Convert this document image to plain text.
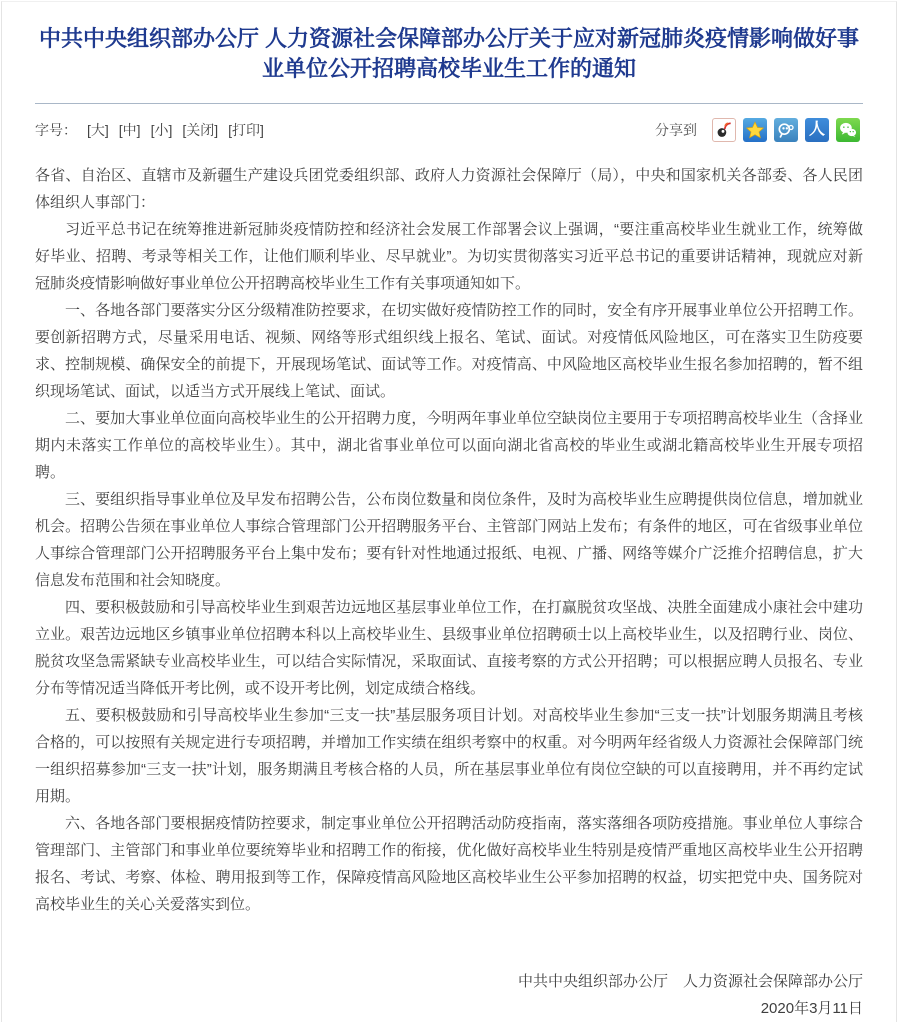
中共中央组织部办公厅 人力资源社会保障部办公厅关于应对新冠肺炎疫情影响做好事业单位公开招聘高校毕业生工作的通知
字号： [大] [中] [小] [关闭] [打印]	分享到	人

各省、自治区、直辖市及新疆生产建设兵团党委组织部、政府人力资源社会保障厅（局），中央和国家机关各部委、各人民团体组织人事部门：

习近平总书记在统筹推进新冠肺炎疫情防控和经济社会发展工作部署会议上强调，“要注重高校毕业生就业工作，统筹做好毕业、招聘、考录等相关工作，让他们顺利毕业、尽早就业”。为切实贯彻落实习近平总书记的重要讲话精神，现就应对新冠肺炎疫情影响做好事业单位公开招聘高校毕业生工作有关事项通知如下。

一、各地各部门要落实分区分级精准防控要求，在切实做好疫情防控工作的同时，安全有序开展事业单位公开招聘工作。要创新招聘方式，尽量采用电话、视频、网络等形式组织线上报名、笔试、面试。对疫情低风险地区，可在落实卫生防疫要求、控制规模、确保安全的前提下，开展现场笔试、面试等工作。对疫情高、中风险地区高校毕业生报名参加招聘的，暂不组织现场笔试、面试，以适当方式开展线上笔试、面试。

二、要加大事业单位面向高校毕业生的公开招聘力度，今明两年事业单位空缺岗位主要用于专项招聘高校毕业生（含择业期内未落实工作单位的高校毕业生）。其中，湖北省事业单位可以面向湖北省高校的毕业生或湖北籍高校毕业生开展专项招聘。

三、要组织指导事业单位及早发布招聘公告，公布岗位数量和岗位条件，及时为高校毕业生应聘提供岗位信息，增加就业机会。招聘公告须在事业单位人事综合管理部门公开招聘服务平台、主管部门网站上发布；有条件的地区，可在省级事业单位人事综合管理部门公开招聘服务平台上集中发布；要有针对性地通过报纸、电视、广播、网络等媒介广泛推介招聘信息，扩大信息发布范围和社会知晓度。

四、要积极鼓励和引导高校毕业生到艰苦边远地区基层事业单位工作，在打赢脱贫攻坚战、决胜全面建成小康社会中建功立业。艰苦边远地区乡镇事业单位招聘本科以上高校毕业生、县级事业单位招聘硕士以上高校毕业生，以及招聘行业、岗位、脱贫攻坚急需紧缺专业高校毕业生，可以结合实际情况，采取面试、直接考察的方式公开招聘；可以根据应聘人员报名、专业分布等情况适当降低开考比例，或不设开考比例，划定成绩合格线。

五、要积极鼓励和引导高校毕业生参加“三支一扶”基层服务项目计划。对高校毕业生参加“三支一扶”计划服务期满且考核合格的，可以按照有关规定进行专项招聘，并增加工作实绩在组织考察中的权重。对今明两年经省级人力资源社会保障部门统一组织招募参加“三支一扶”计划，服务期满且考核合格的人员，所在基层事业单位有岗位空缺的可以直接聘用，并不再约定试用期。

六、各地各部门要根据疫情防控要求，制定事业单位公开招聘活动防疫指南，落实落细各项防疫措施。事业单位人事综合管理部门、主管部门和事业单位要统筹毕业和招聘工作的衔接，优化做好高校毕业生特别是疫情严重地区高校毕业生公开招聘报名、考试、考察、体检、聘用报到等工作，保障疫情高风险地区高校毕业生公平参加招聘的权益，切实把党中央、国务院对高校毕业生的关心关爱落实到位。

中共中央组织部办公厅　人力资源社会保障部办公厅
2020年3月11日
